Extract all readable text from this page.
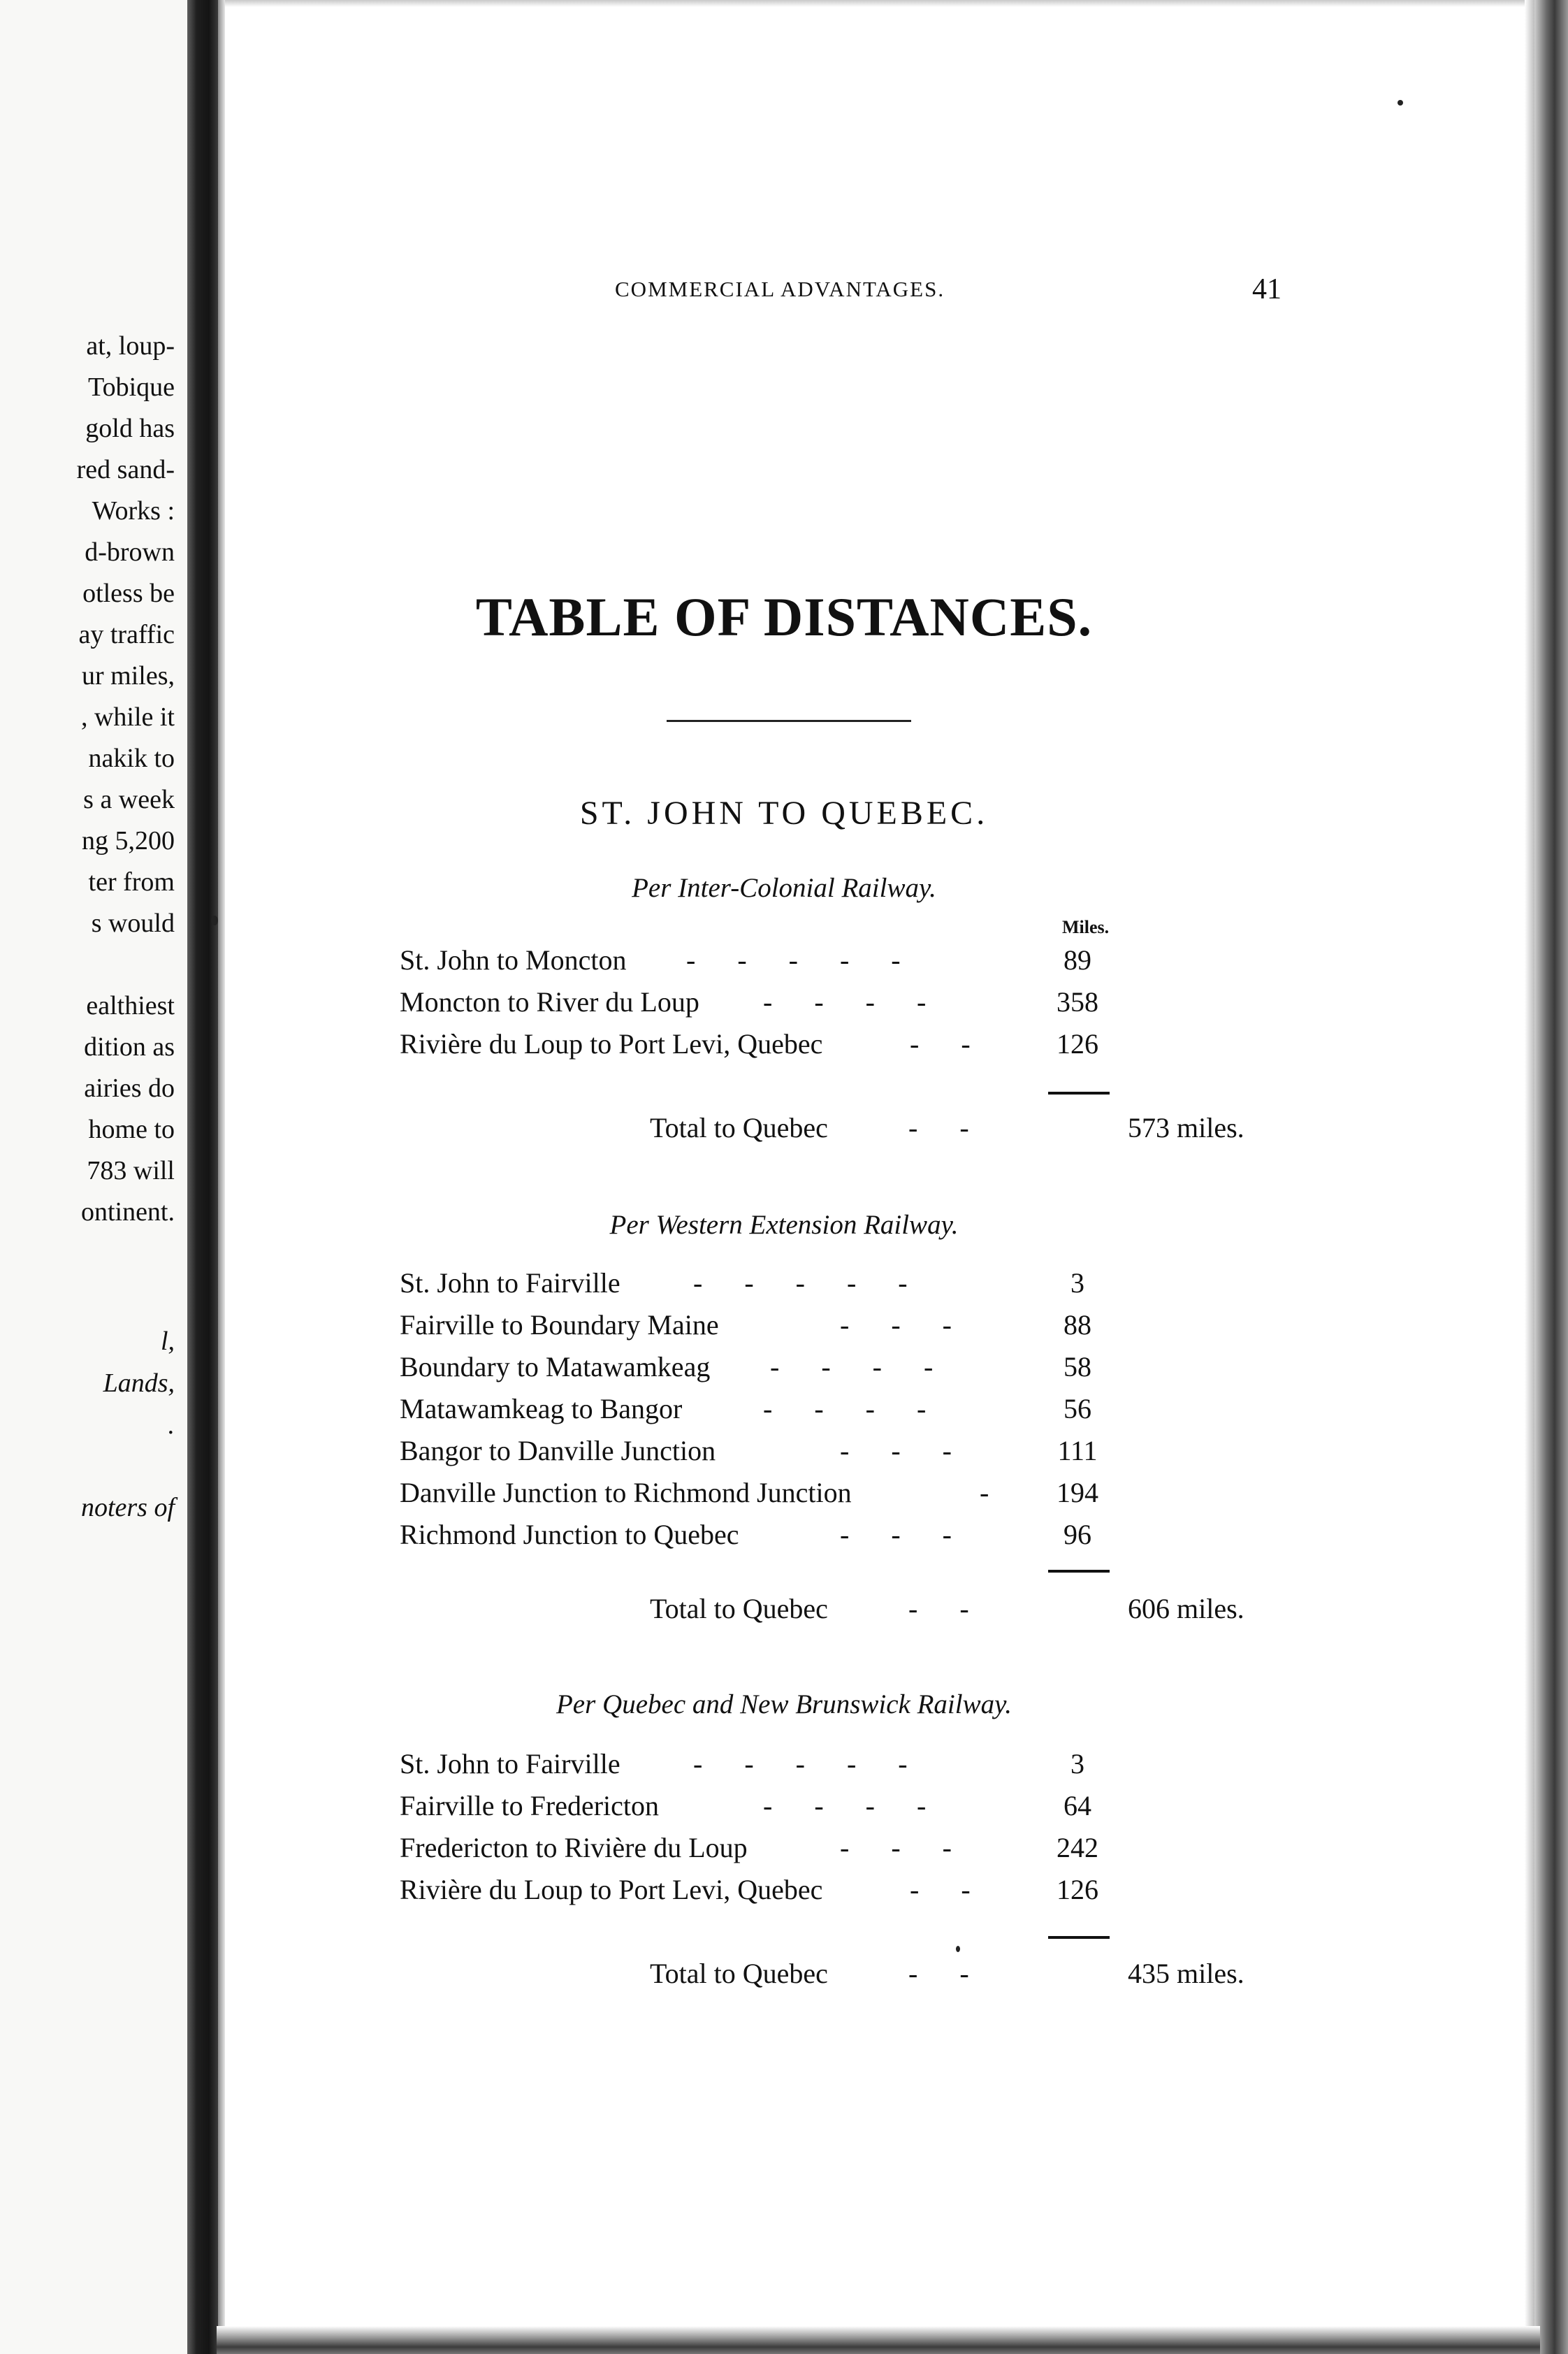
at, loup-
Tobique
gold has
red sand-
Works :
d-brown
otless be
ay traffic
ur miles,
, while it
nakik to
s a week
ng 5,200
ter from
s would
ealthiest
dition as
airies do
home to
783 will
ontinent.
l,
Lands,
.
noters of
COMMERCIAL ADVANTAGES.	41
TABLE OF DISTANCES.
ST. JOHN TO QUEBEC.
Per Inter-Colonial Railway.
Miles.
St. John to Moncton -      -      -      -      -	89
Moncton to River du Loup -      -      -      -	358
Rivière du Loup to Port Levi, Quebec	-      -	126
Total to Quebec	-      -	573 miles.
Per Western Extension Railway.
St. John to Fairville	-      -      -      -      -	3
Fairville to Boundary Maine	-      -      -	88
Boundary to Matawamkeag -      -      -      -	58
Matawamkeag to Bangor	-      -      -      -	56
Bangor to Danville Junction	-      -      -	111
Danville Junction to Richmond Junction	-	194
Richmond Junction to Quebec	-      -      -	96
Total to Quebec	-      -	606 miles.
Per Quebec and New Brunswick Railway.
St. John to Fairville	-      -      -      -      -	3
Fairville to Fredericton	-      -      -      -	64
Fredericton to Rivière du Loup	-      -      -	242
Rivière du Loup to Port Levi, Quebec	-      -	126
Total to Quebec	-      -	435 miles.
